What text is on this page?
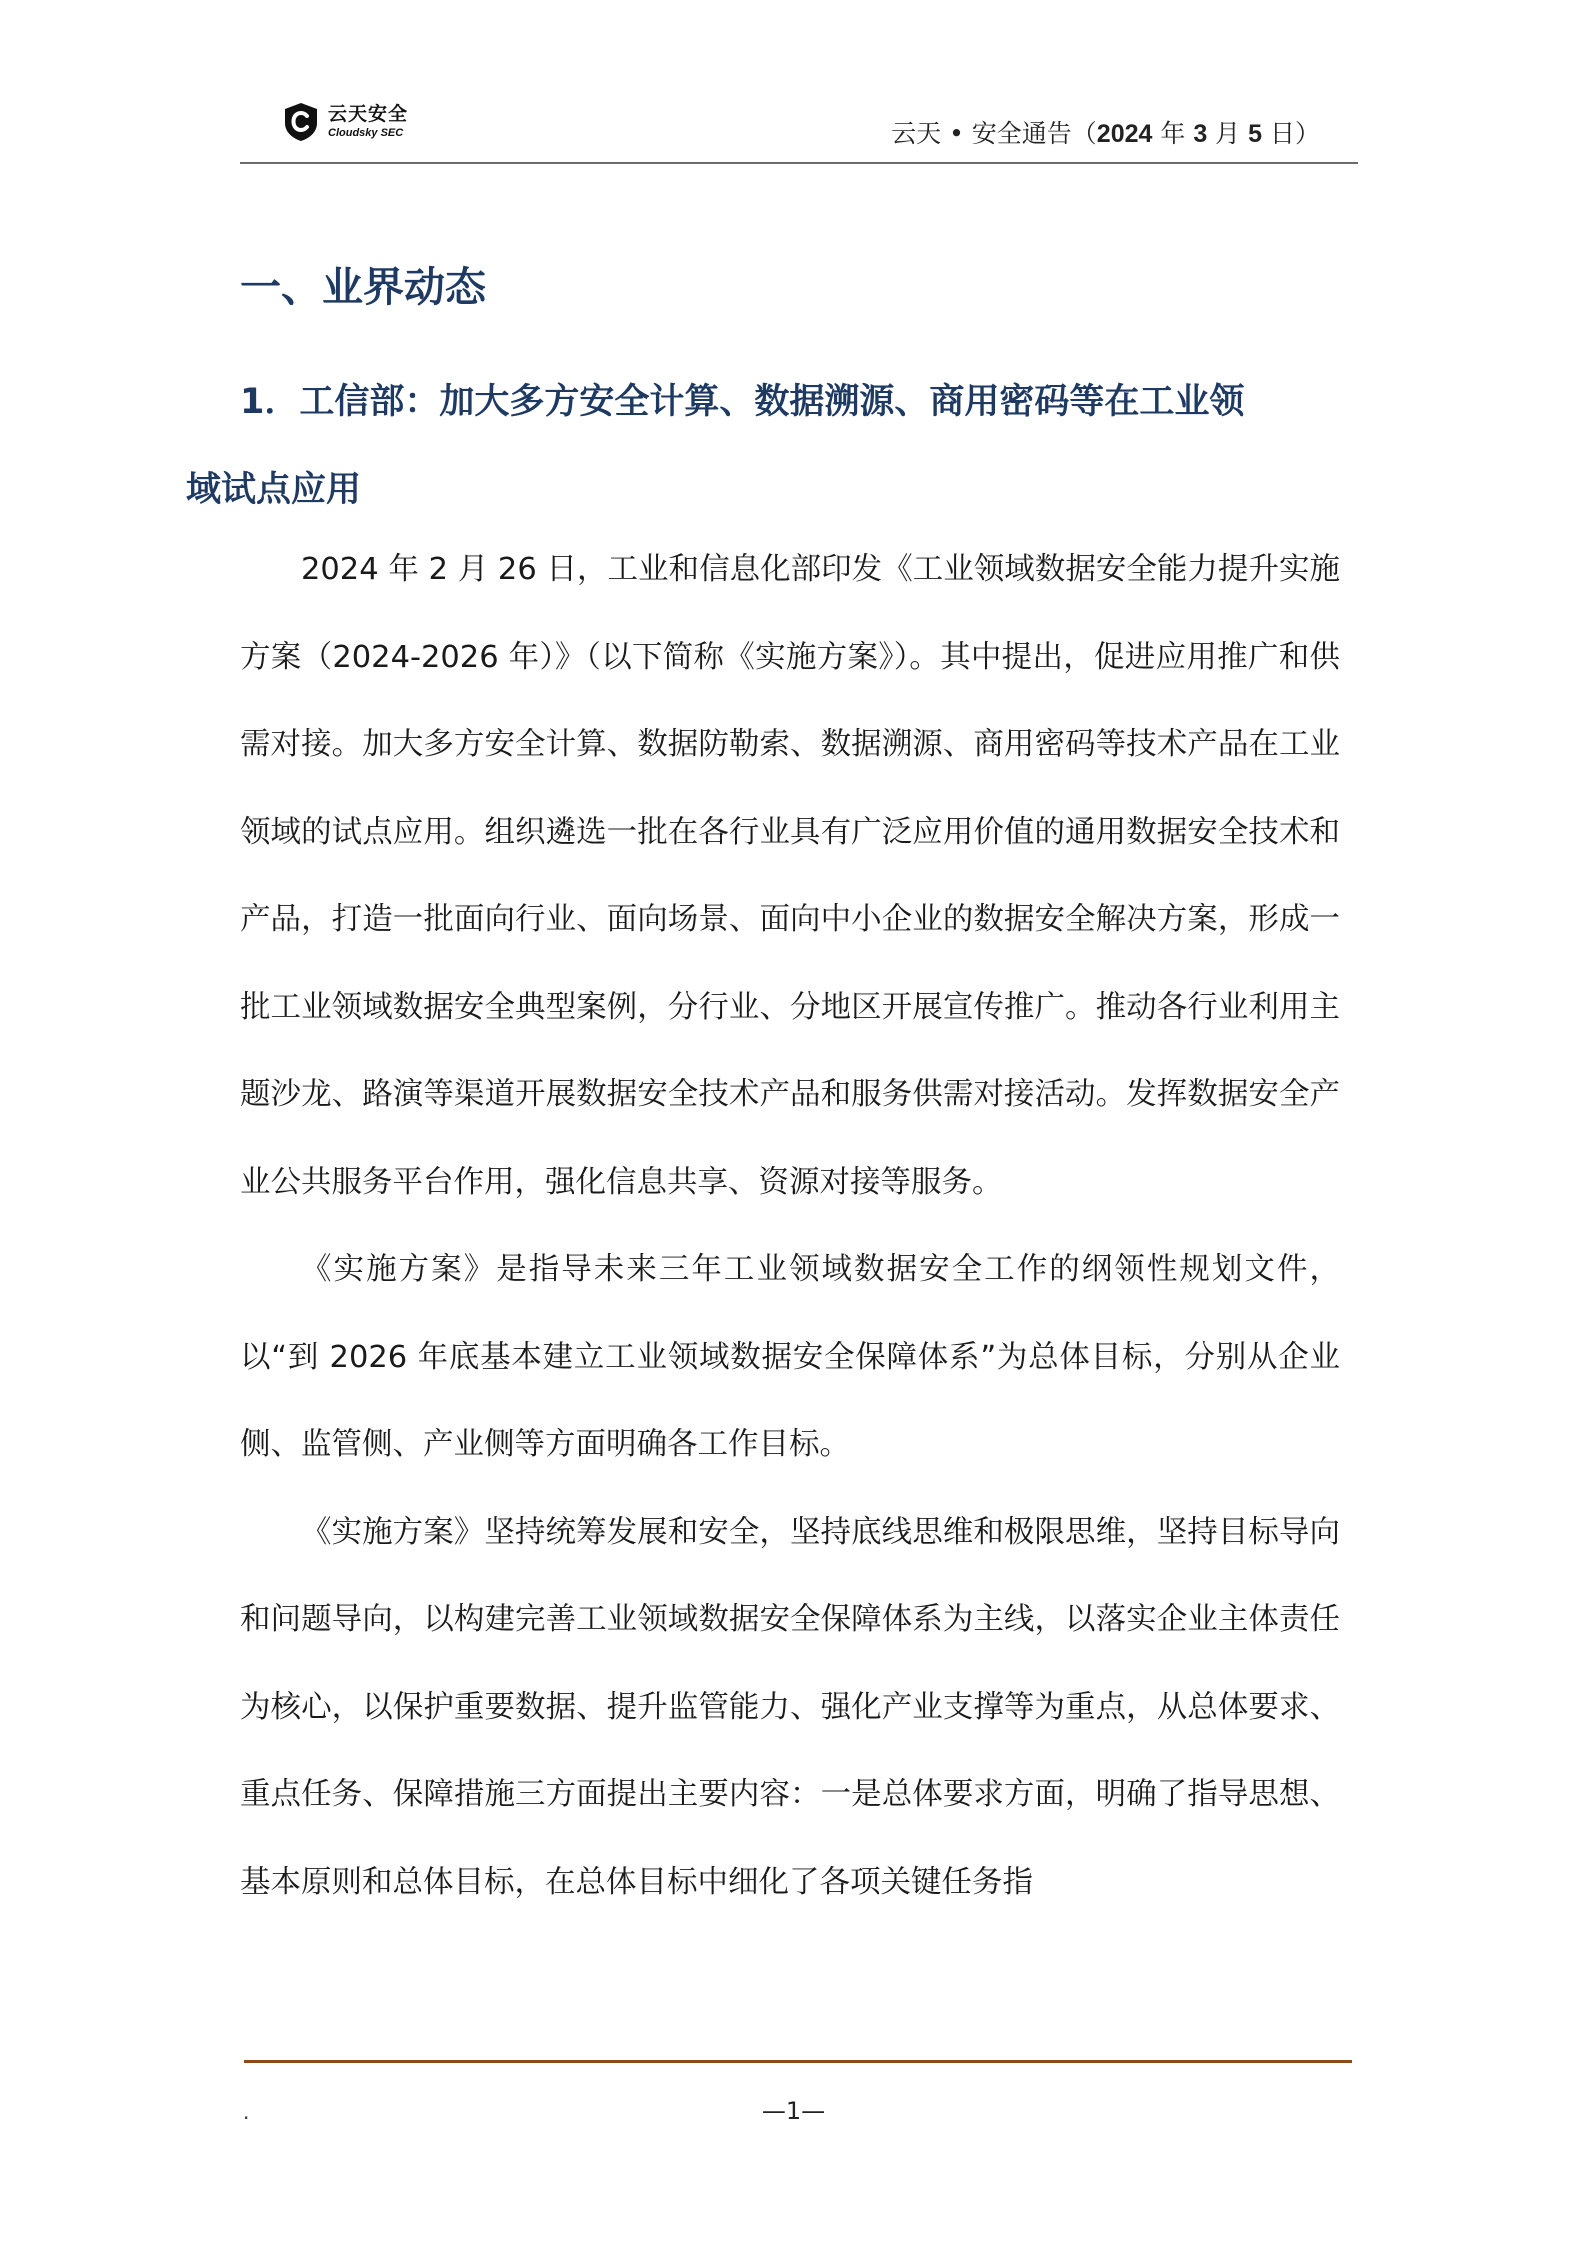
云天安全
Cloudsky SEC	云天 • 安全通告（2024 年 3 月 5 日）
一、业界动态
1．工信部：加大多方安全计算、数据溯源、商用密码等在工业领
域试点应用

2024 年 2 月 26 日，工业和信息化部印发《工业领域数据安全能力提升实施方案（2024-2026 年）》（以下简称《实施方案》）。其中提出，促进应用推广和供需对接。加大多方安全计算、数据防勒索、数据溯源、商用密码等技术产品在工业领域的试点应用。组织遴选一批在各行业具有广泛应用价值的通用数据安全技术和产品，打造一批面向行业、面向场景、面向中小企业的数据安全解决方案，形成一批工业领域数据安全典型案例，分行业、分地区开展宣传推广。推动各行业利用主题沙龙、路演等渠道开展数据安全技术产品和服务供需对接活动。发挥数据安全产业公共服务平台作用，强化信息共享、资源对接等服务。

《实施方案》是指导未来三年工业领域数据安全工作的纲领性规划文件，以“到 2026 年底基本建立工业领域数据安全保障体系”为总体目标，分别从企业侧、监管侧、产业侧等方面明确各工作目标。

《实施方案》坚持统筹发展和安全，坚持底线思维和极限思维，坚持目标导向和问题导向，以构建完善工业领域数据安全保障体系为主线，以落实企业主体责任为核心，以保护重要数据、提升监管能力、强化产业支撑等为重点，从总体要求、重点任务、保障措施三方面提出主要内容：一是总体要求方面，明确了指导思想、基本原则和总体目标，在总体目标中细化了各项关键任务指

.	—1—
